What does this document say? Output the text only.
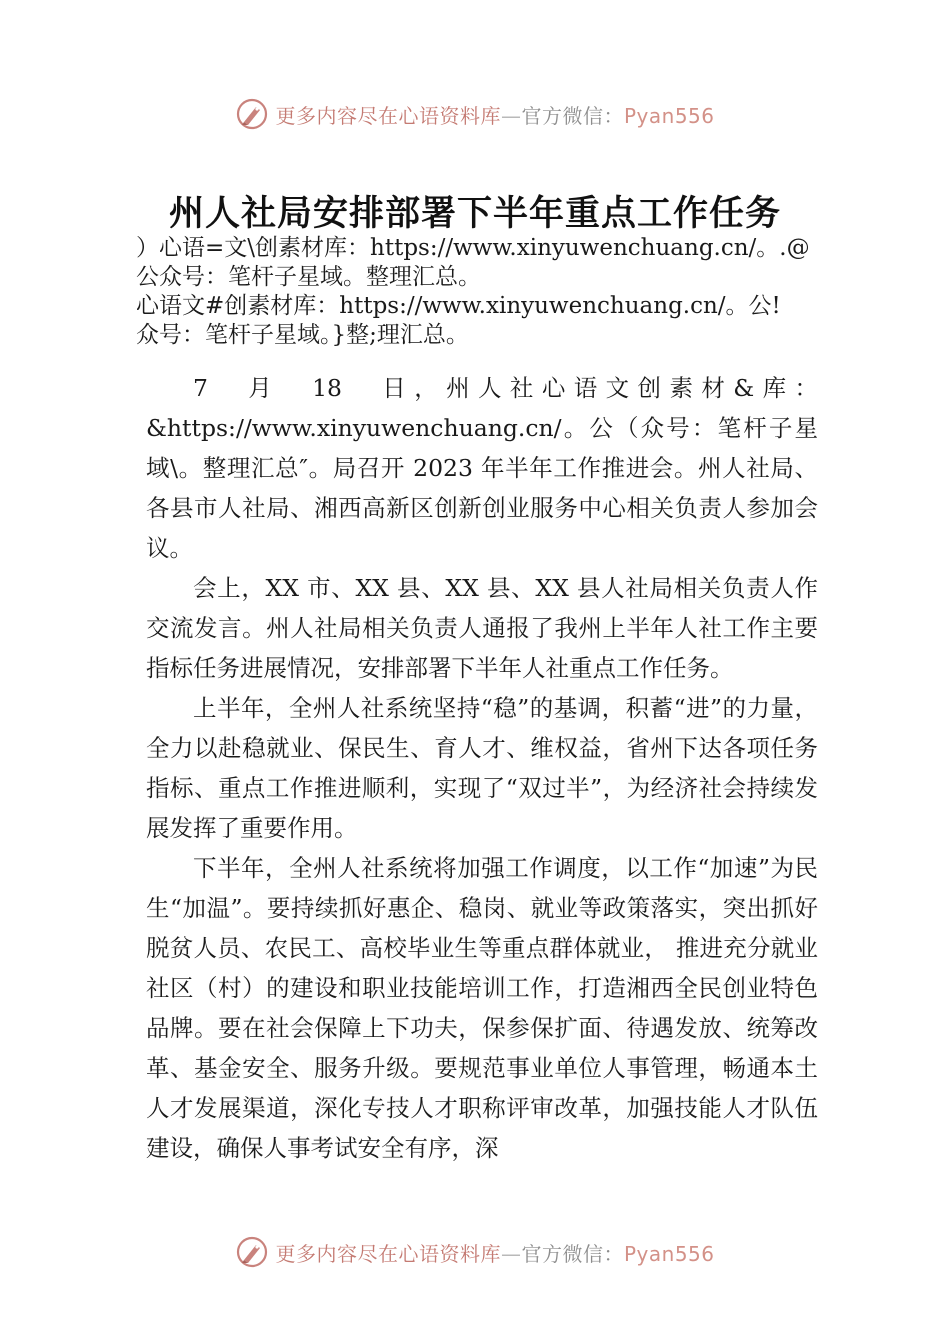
更多内容尽在心语资料库—官方微信：Pyan556
州人社局安排部署下半年重点工作任务
）心语=文\创素材库：https://www.xinyuwenchuang.cn/。.@
公众号：笔杆子星域。整理汇总。
心语文#创素材库：https://www.xinyuwenchuang.cn/。公!
众号：笔杆子星域。}整;理汇总。

7　月　18　日，州人社心语文创素材&库：&https://www.xinyuwenchuang.cn/。公（众号：笔杆子星域\。整理汇总″。局召开 2023 年半年工作推进会。州人社局、各县市人社局、湘西高新区创新创业服务中心相关负责人参加会议。

会上，XX 市、XX 县、XX 县、XX 县人社局相关负责人作交流发言。州人社局相关负责人通报了我州上半年人社工作主要指标任务进展情况，安排部署下半年人社重点工作任务。

上半年，全州人社系统坚持“稳”的基调，积蓄“进”的力量，全力以赴稳就业、保民生、育人才、维权益，省州下达各项任务指标、重点工作推进顺利，实现了“双过半”，为经济社会持续发展发挥了重要作用。

下半年，全州人社系统将加强工作调度，以工作“加速”为民生“加温”。要持续抓好惠企、稳岗、就业等政策落实，突出抓好脱贫人员、农民工、高校毕业生等重点群体就业， 推进充分就业社区（村）的建设和职业技能培训工作，打造湘西全民创业特色品牌。要在社会保障上下功夫，保参保扩面、待遇发放、统筹改革、基金安全、服务升级。要规范事业单位人事管理，畅通本土人才发展渠道，深化专技人才职称评审改革，加强技能人才队伍建设，确保人事考试安全有序，深

更多内容尽在心语资料库—官方微信：Pyan556
